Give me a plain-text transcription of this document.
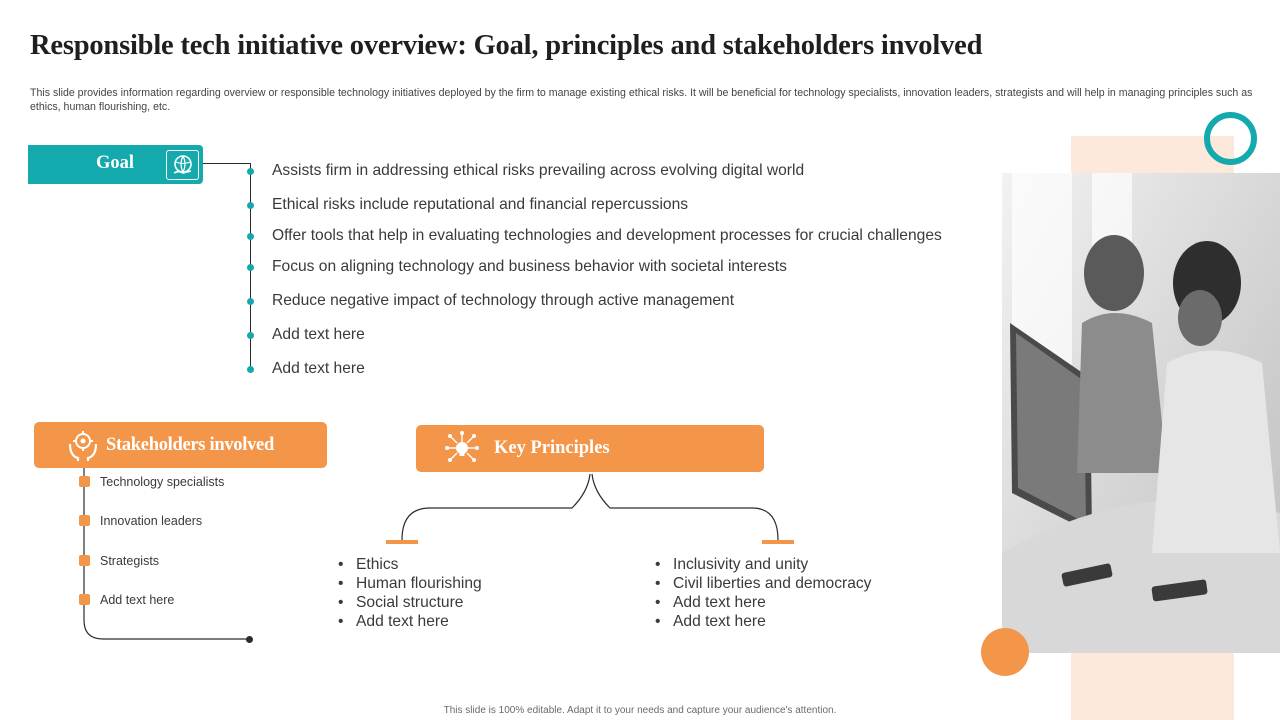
Responsible tech initiative overview: Goal, principles and stakeholders involved

This slide provides information regarding overview or responsible technology initiatives deployed by the firm to manage existing ethical risks. It will be beneficial for technology specialists, innovation leaders, strategists and will help in managing principles such as ethics, human flourishing, etc.

Goal	Assists firm in addressing ethical risks prevailing across evolving digital world
Ethical risks include reputational and financial repercussions
Offer tools that help in evaluating technologies and development processes for crucial challenges
Focus on aligning technology and business behavior with societal interests
Reduce negative impact of technology through active management
Add text here
Add text here
Stakeholders involved
Technology specialists
Innovation leaders
Strategists
Add text here
Key Principles
• Ethics
• Human flourishing
• Social structure
• Add text here
• Inclusivity and unity
• Civil liberties and democracy
• Add text here
• Add text here
This slide is 100% editable. Adapt it to your needs and capture your audience's attention.
